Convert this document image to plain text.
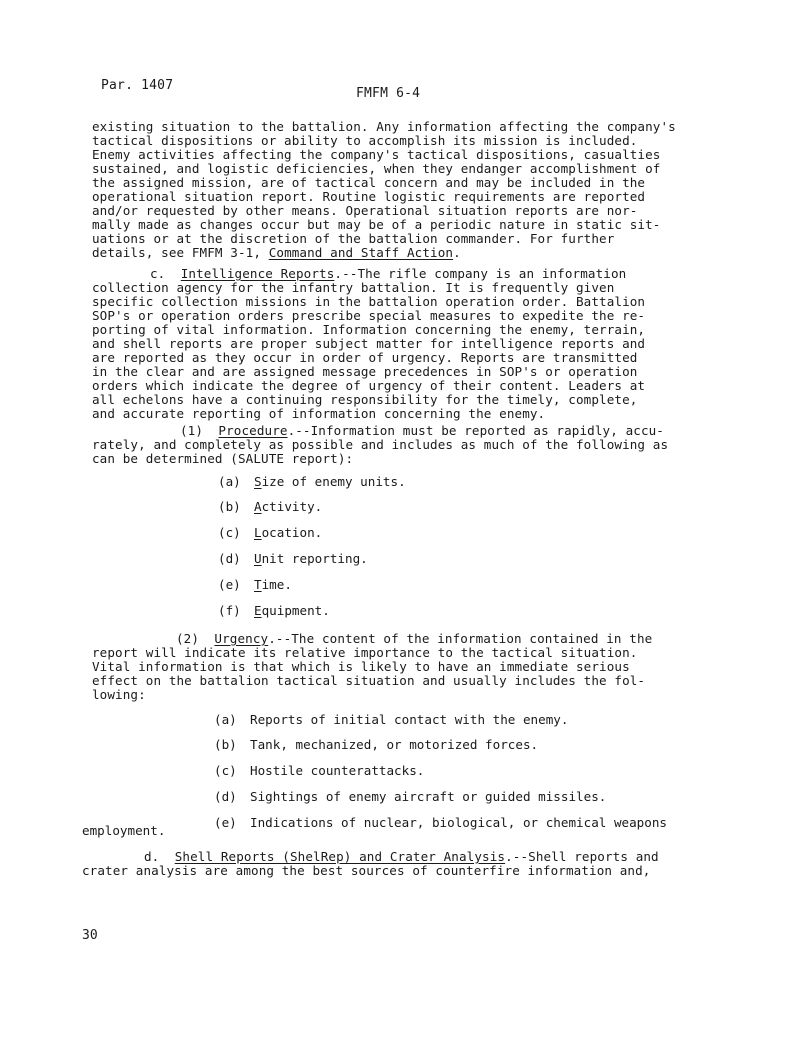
Par. 1407
FMFM 6-4
existing situation to the battalion. Any information affecting the company's
tactical dispositions or ability to accomplish its mission is included.
Enemy activities affecting the company's tactical dispositions, casualties
sustained, and logistic deficiencies, when they endanger accomplishment of
the assigned mission, are of tactical concern and may be included in the
operational situation report. Routine logistic requirements are reported
and/or requested by other means. Operational situation reports are nor-
mally made as changes occur but may be of a periodic nature in static sit-
uations or at the discretion of the battalion commander. For further
details, see FMFM 3-1, Command and Staff Action.
c. Intelligence Reports.--The rifle company is an information
collection agency for the infantry battalion. It is frequently given
specific collection missions in the battalion operation order. Battalion
SOP's or operation orders prescribe special measures to expedite the re-
porting of vital information. Information concerning the enemy, terrain,
and shell reports are proper subject matter for intelligence reports and
are reported as they occur in order of urgency. Reports are transmitted
in the clear and are assigned message precedences in SOP's or operation
orders which indicate the degree of urgency of their content. Leaders at
all echelons have a continuing responsibility for the timely, complete,
and accurate reporting of information concerning the enemy.
(1) Procedure.--Information must be reported as rapidly, accu-
rately, and completely as possible and includes as much of the following as
can be determined (SALUTE report):
(a) Size of enemy units.
(b) Activity.
(c) Location.
(d) Unit reporting.
(e) Time.
(f) Equipment.
(2) Urgency.--The content of the information contained in the
report will indicate its relative importance to the tactical situation.
Vital information is that which is likely to have an immediate serious
effect on the battalion tactical situation and usually includes the fol-
lowing:
(a) Reports of initial contact with the enemy.
(b) Tank, mechanized, or motorized forces.
(c) Hostile counterattacks.
(d) Sightings of enemy aircraft or guided missiles.
(e) Indications of nuclear, biological, or chemical weapons
employment.
d. Shell Reports (ShelRep) and Crater Analysis.--Shell reports and
crater analysis are among the best sources of counterfire information and,
30
